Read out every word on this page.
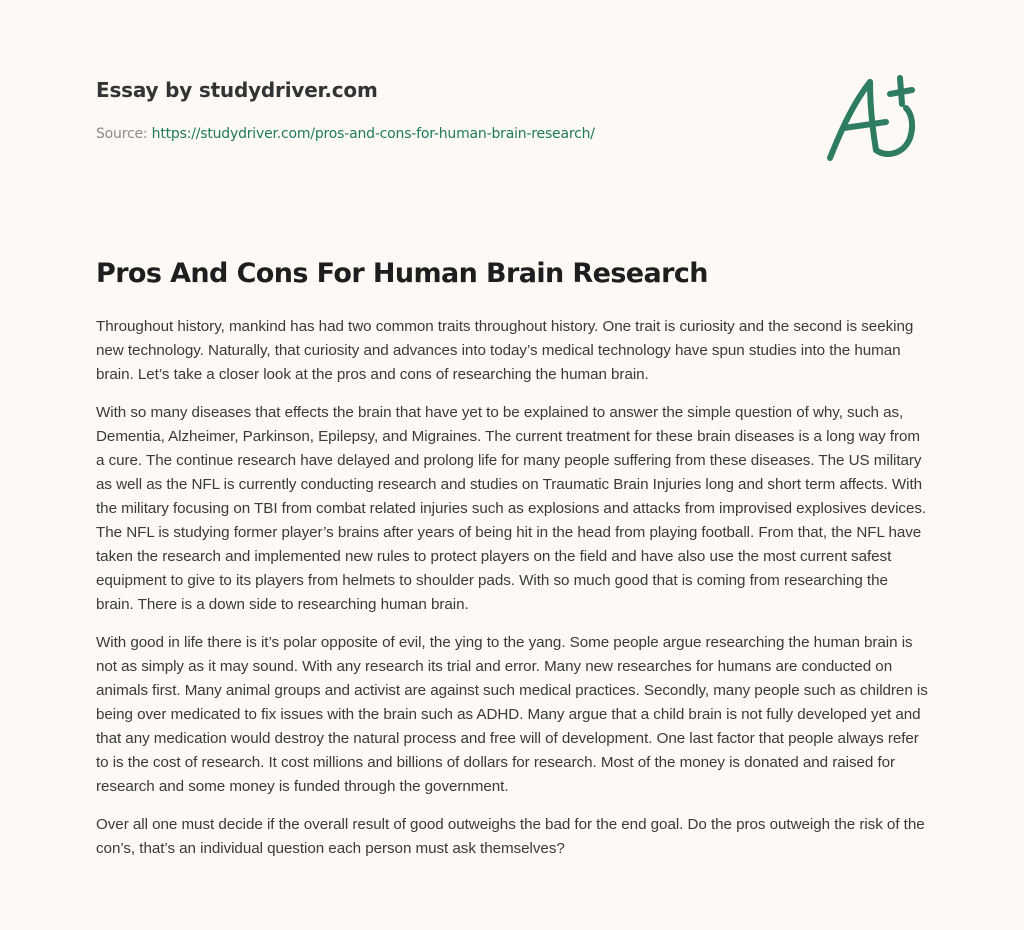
Essay by studydriver.com
Source: https://studydriver.com/pros-and-cons-for-human-brain-research/
Pros And Cons For Human Brain Research

Throughout history, mankind has had two common traits throughout history. One trait is curiosity and the second is seeking new technology. Naturally, that curiosity and advances into today’s medical technology have spun studies into the human brain. Let’s take a closer look at the pros and cons of researching the human brain.

With so many diseases that effects the brain that have yet to be explained to answer the simple question of why, such as, Dementia, Alzheimer, Parkinson, Epilepsy, and Migraines. The current treatment for these brain diseases is a long way from a cure. The continue research have delayed and prolong life for many people suffering from these diseases. The US military as well as the NFL is currently conducting research and studies on Traumatic Brain Injuries long and short term affects. With the military focusing on TBI from combat related injuries such as explosions and attacks from improvised explosives devices. The NFL is studying former player’s brains after years of being hit in the head from playing football. From that, the NFL have taken the research and implemented new rules to protect players on the field and have also use the most current safest equipment to give to its players from helmets to shoulder pads. With so much good that is coming from researching the brain. There is a down side to researching human brain.

With good in life there is it’s polar opposite of evil, the ying to the yang. Some people argue researching the human brain is not as simply as it may sound. With any research its trial and error. Many new researches for humans are conducted on animals first. Many animal groups and activist are against such medical practices. Secondly, many people such as children is being over medicated to fix issues with the brain such as ADHD. Many argue that a child brain is not fully developed yet and that any medication would destroy the natural process and free will of development. One last factor that people always refer to is the cost of research. It cost millions and billions of dollars for research. Most of the money is donated and raised for research and some money is funded through the government.

Over all one must decide if the overall result of good outweighs the bad for the end goal. Do the pros outweigh the risk of the con’s, that’s an individual question each person must ask themselves?
